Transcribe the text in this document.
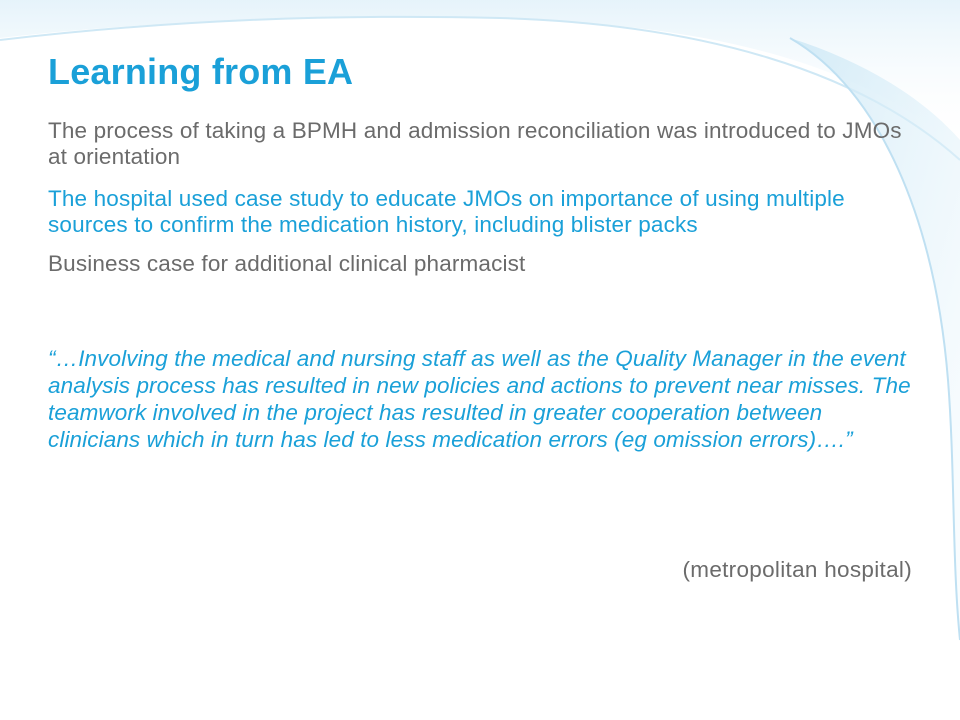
Learning from EA

The process of taking a BPMH and admission reconciliation was introduced to JMOs at orientation

The hospital used case study to educate JMOs on importance of using multiple sources to confirm the medication history, including blister packs

Business case for additional clinical pharmacist

“…Involving the medical and nursing staff as well as the Quality Manager in the event analysis process has resulted in new policies and actions to prevent near misses. The teamwork involved in the project has resulted in greater cooperation between clinicians which in turn has led to less medication errors (eg omission errors)….”

(metropolitan hospital)
